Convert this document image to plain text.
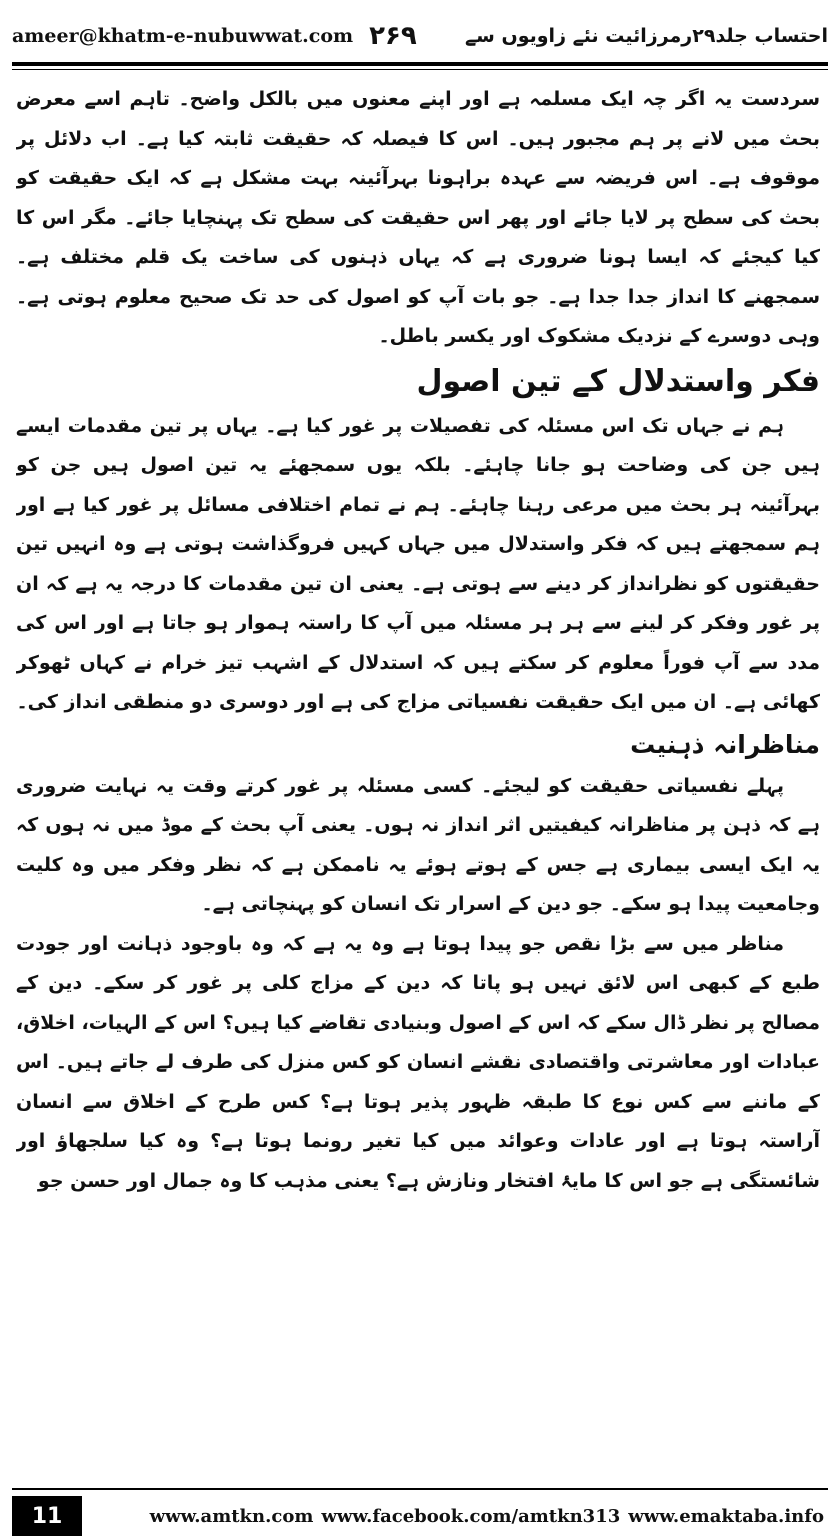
ameer@khatm-e-nubuwwat.com ۲۶۹	احتساب جلد۲۹رمرزائیت نئے زاویوں سے

سردست یہ اگر چہ ایک مسلمہ ہے اور اپنے معنوں میں بالکل واضح۔ تاہم اسے معرض بحث میں لانے پر ہم مجبور ہیں۔ اس کا فیصلہ کہ حقیقت ثابتہ کیا ہے۔ اب دلائل پر موقوف ہے۔ اس فریضہ سے عہدہ براہونا بہرآئینہ بہت مشکل ہے کہ ایک حقیقت کو بحث کی سطح پر لایا جائے اور پھر اس حقیقت کی سطح تک پہنچایا جائے۔ مگر اس کا کیا کیجئے کہ ایسا ہونا ضروری ہے کہ یہاں ذہنوں کی ساخت یک قلم مختلف ہے۔ سمجھنے کا انداز جدا جدا ہے۔ جو بات آپ کو اصول کی حد تک صحیح معلوم ہوتی ہے۔ وہی دوسرے کے نزدیک مشکوک اور یکسر باطل۔

فکر واستدلال کے تین اصول

ہم نے جہاں تک اس مسئلہ کی تفصیلات پر غور کیا ہے۔ یہاں پر تین مقدمات ایسے ہیں جن کی وضاحت ہو جانا چاہئے۔ بلکہ یوں سمجھئے یہ تین اصول ہیں جن کو بہرآئینہ ہر بحث میں مرعی رہنا چاہئے۔ ہم نے تمام اختلافی مسائل پر غور کیا ہے اور ہم سمجھتے ہیں کہ فکر واستدلال میں جہاں کہیں فروگذاشت ہوتی ہے وہ انہیں تین حقیقتوں کو نظرانداز کر دینے سے ہوتی ہے۔ یعنی ان تین مقدمات کا درجہ یہ ہے کہ ان پر غور وفکر کر لینے سے ہر ہر مسئلہ میں آپ کا راستہ ہموار ہو جاتا ہے اور اس کی مدد سے آپ فوراً معلوم کر سکتے ہیں کہ استدلال کے اشہب تیز خرام نے کہاں ٹھوکر کھائی ہے۔ ان میں ایک حقیقت نفسیاتی مزاج کی ہے اور دوسری دو منطقی انداز کی۔

مناظرانہ ذہنیت

پہلے نفسیاتی حقیقت کو لیجئے۔ کسی مسئلہ پر غور کرتے وقت یہ نہایت ضروری ہے کہ ذہن پر مناظرانہ کیفیتیں اثر انداز نہ ہوں۔ یعنی آپ بحث کے موڈ میں نہ ہوں کہ یہ ایک ایسی بیماری ہے جس کے ہوتے ہوئے یہ ناممکن ہے کہ نظر وفکر میں وہ کلیت وجامعیت پیدا ہو سکے۔ جو دین کے اسرار تک انسان کو پہنچاتی ہے۔

مناظر میں سے بڑا نقص جو پیدا ہوتا ہے وہ یہ ہے کہ وہ باوجود ذہانت اور جودت طبع کے کبھی اس لائق نہیں ہو پاتا کہ دین کے مزاج کلی پر غور کر سکے۔ دین کے مصالح پر نظر ڈال سکے کہ اس کے اصول وبنیادی تقاضے کیا ہیں؟ اس کے الہیات، اخلاق، عبادات اور معاشرتی واقتصادی نقشے انسان کو کس منزل کی طرف لے جاتے ہیں۔ اس کے ماننے سے کس نوع کا طبقہ ظہور پذیر ہوتا ہے؟ کس طرح کے اخلاق سے انسان آراستہ ہوتا ہے اور عادات وعوائد میں کیا تغیر رونما ہوتا ہے؟ وہ کیا سلجھاؤ اور شائستگی ہے جو اس کا مایۂ افتخار ونازش ہے؟ یعنی مذہب کا وہ جمال اور حسن جو

11	www.amtkn.com www.facebook.com/amtkn313 www.emaktaba.info
